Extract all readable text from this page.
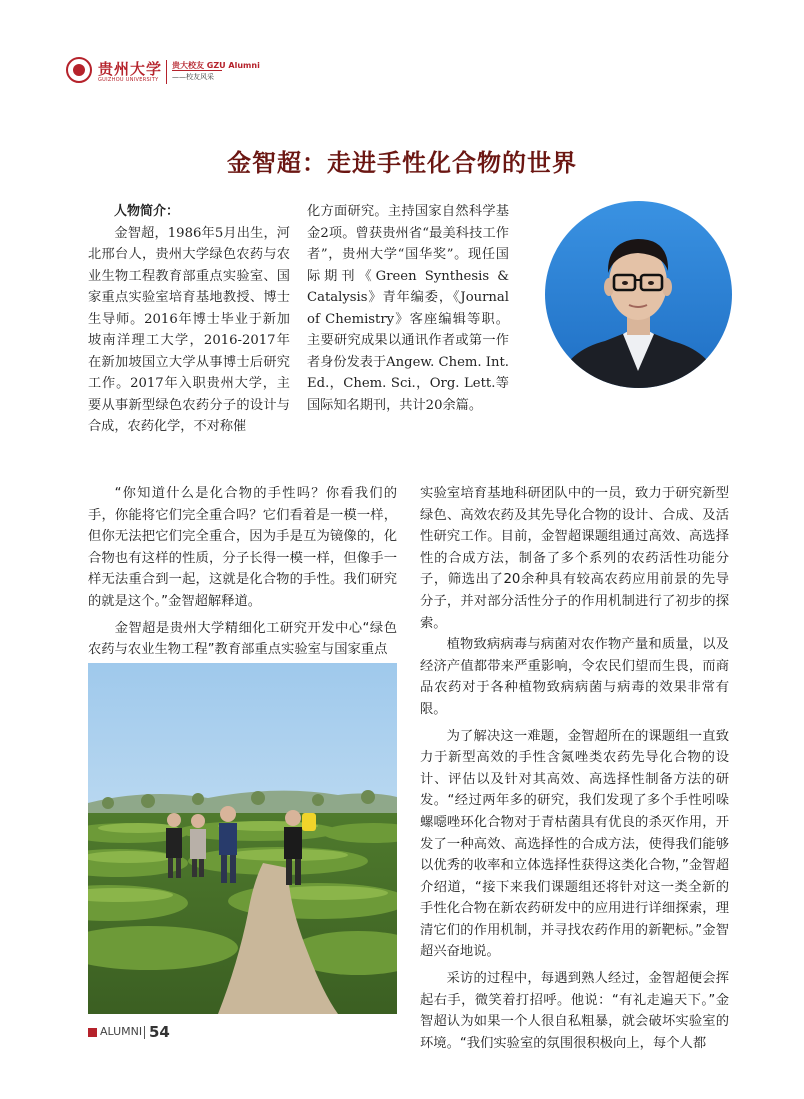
贵州大学
GUIZHOU UNIVERSITY
贵大校友 GZU Alumni
——校友风采
金智超：走进手性化合物的世界

人物简介：

金智超，1986年5月出生，河北邢台人，贵州大学绿色农药与农业生物工程教育部重点实验室、国家重点实验室培育基地教授、博士生导师。2016年博士毕业于新加坡南洋理工大学，2016-2017年在新加坡国立大学从事博士后研究工作。2017年入职贵州大学，主要从事新型绿色农药分子的设计与合成，农药化学，不对称催

化方面研究。主持国家自然科学基金2项。曾获贵州省“最美科技工作者”，贵州大学“国华奖”。现任国际期刊《Green Synthesis & Catalysis》青年编委，《Journal of Chemistry》客座编辑等职。主要研究成果以通讯作者或第一作者身份发表于Angew. Chem. Int. Ed.，Chem. Sci.，Org. Lett.等国际知名期刊，共计20余篇。

“你知道什么是化合物的手性吗？你看我们的手，你能将它们完全重合吗？它们看着是一模一样，但你无法把它们完全重合，因为手是互为镜像的，化合物也有这样的性质，分子长得一模一样，但像手一样无法重合到一起，这就是化合物的手性。我们研究的就是这个。”金智超解释道。

金智超是贵州大学精细化工研究开发中心“绿色农药与农业生物工程”教育部重点实验室与国家重点

实验室培育基地科研团队中的一员，致力于研究新型绿色、高效农药及其先导化合物的设计、合成、及活性研究工作。目前，金智超课题组通过高效、高选择性的合成方法，制备了多个系列的农药活性功能分子，筛选出了20余种具有较高农药应用前景的先导分子，并对部分活性分子的作用机制进行了初步的探索。

植物致病病毒与病菌对农作物产量和质量，以及经济产值都带来严重影响，令农民们望而生畏，而商品农药对于各种植物致病病菌与病毒的效果非常有限。

为了解决这一难题，金智超所在的课题组一直致力于新型高效的手性含氮唑类农药先导化合物的设计、评估以及针对其高效、高选择性制备方法的研发。“经过两年多的研究，我们发现了多个手性吲哚螺噁唑环化合物对于青枯菌具有优良的杀灭作用，开发了一种高效、高选择性的合成方法，使得我们能够以优秀的收率和立体选择性获得这类化合物，”金智超介绍道，“接下来我们课题组还将针对这一类全新的手性化合物在新农药研发中的应用进行详细探索，理清它们的作用机制，并寻找农药作用的新靶标。”金智超兴奋地说。

采访的过程中，每遇到熟人经过，金智超便会挥起右手，微笑着打招呼。他说：“有礼走遍天下。”金智超认为如果一个人很自私粗暴，就会破坏实验室的环境。“我们实验室的氛围很积极向上，每个人都

ALUMNI 54
